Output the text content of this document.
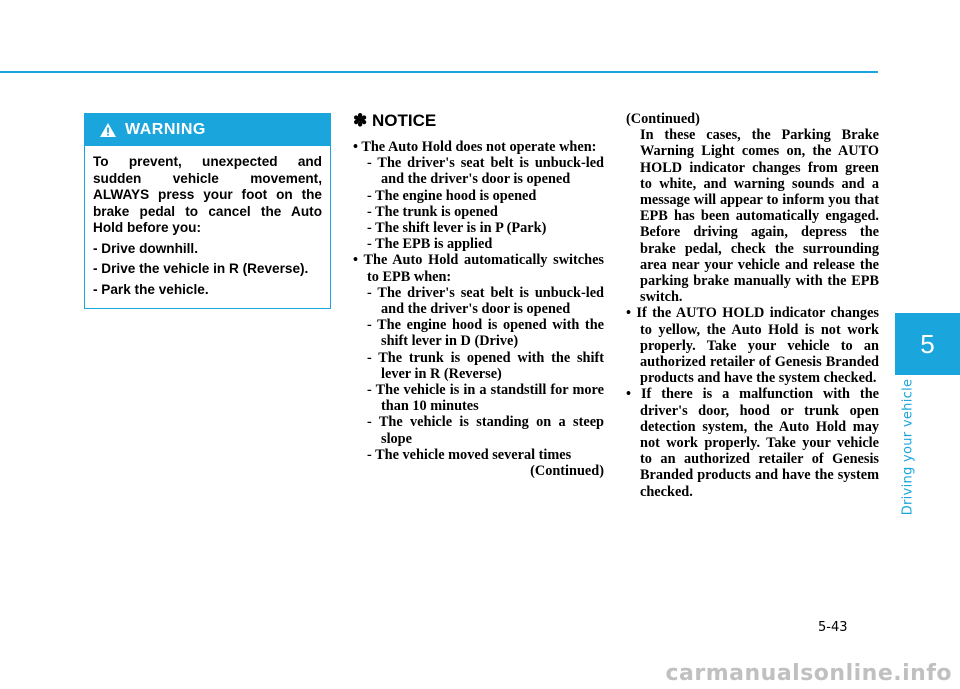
5
Driving your vehicle
WARNING

To prevent, unexpected and sudden vehicle movement, ALWAYS press your foot on the brake pedal to cancel the Auto Hold before you:

- Drive downhill.

- Drive the vehicle in R (Reverse).

- Park the vehicle.

✽ NOTICE

• The Auto Hold does not operate when:

- The driver's seat belt is unbuck-led and the driver's door is opened

- The engine hood is opened

- The trunk is opened

- The shift lever is in P (Park)

- The EPB is applied

• The Auto Hold automatically switches to EPB when:

- The driver's seat belt is unbuck-led and the driver's door is opened

- The engine hood is opened with the shift lever in D (Drive)

- The trunk is opened with the shift lever in R (Reverse)

- The vehicle is in a standstill for more than 10 minutes

- The vehicle is standing on a steep slope

- The vehicle moved several times

(Continued)

(Continued)

In these cases, the Parking Brake Warning Light comes on, the AUTO HOLD indicator changes from green to white, and warning sounds and a message will appear to inform you that EPB has been automatically engaged. Before driving again, depress the brake pedal, check the surrounding area near your vehicle and release the parking brake manually with the EPB switch.

• If the AUTO HOLD indicator changes to yellow, the Auto Hold is not work properly. Take your vehicle to an authorized retailer of Genesis Branded products and have the system checked.

• If there is a malfunction with the driver's door, hood or trunk open detection system, the Auto Hold may not work properly. Take your vehicle to an authorized retailer of Genesis Branded products and have the system checked.

5-43
carmanualsonline.info
